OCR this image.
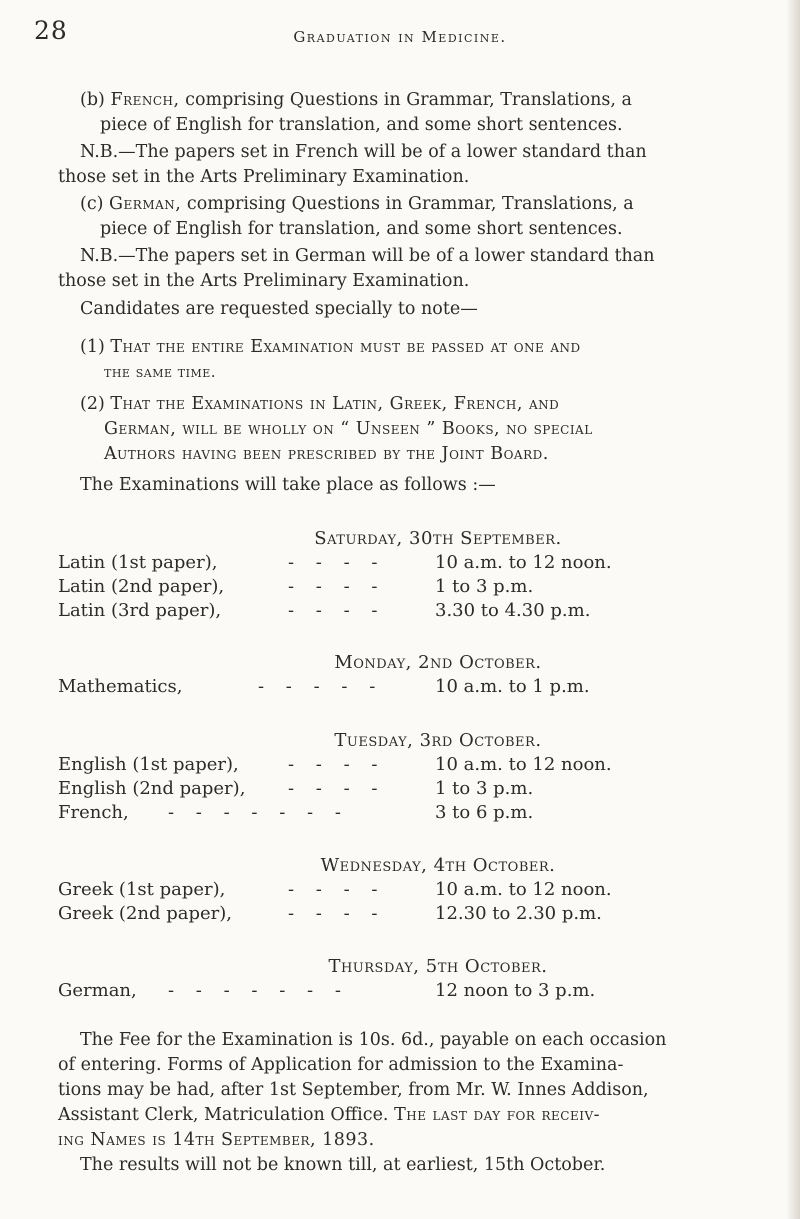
28	Graduation in Medicine.
(b) French, comprising Questions in Grammar, Translations, a
piece of English for translation, and some short sentences.
N.B.—The papers set in French will be of a lower standard than
those set in the Arts Preliminary Examination.
(c) German, comprising Questions in Grammar, Translations, a
piece of English for translation, and some short sentences.
N.B.—The papers set in German will be of a lower standard than
those set in the Arts Preliminary Examination.
Candidates are requested specially to note—
(1) That the entire Examination must be passed at one and
the same time.
(2) That the Examinations in Latin, Greek, French, and
German, will be wholly on “ Unseen ” Books, no special
Authors having been prescribed by the Joint Board.
The Examinations will take place as follows :—
Saturday, 30th September.
Latin (1st paper),	- - - -	10 a.m. to 12 noon.
Latin (2nd paper),	- - - -	1 to 3 p.m.
Latin (3rd paper),	- - - -	3.30 to 4.30 p.m.
Monday, 2nd October.
Mathematics,	- - - - -	10 a.m. to 1 p.m.
Tuesday, 3rd October.
English (1st paper),	- - - -	10 a.m. to 12 noon.
English (2nd paper), - - - -	1 to 3 p.m.
French, - - - - - - -	3 to 6 p.m.
Wednesday, 4th October.
Greek (1st paper),	- - - -	10 a.m. to 12 noon.
Greek (2nd paper),	- - - -	12.30 to 2.30 p.m.
Thursday, 5th October.
German, - - - - - - -	12 noon to 3 p.m.
The Fee for the Examination is 10s. 6d., payable on each occasion
of entering. Forms of Application for admission to the Examina-
tions may be had, after 1st September, from Mr. W. Innes Addison,
Assistant Clerk, Matriculation Office. The last day for receiv-
ing Names is 14th September, 1893.
The results will not be known till, at earliest, 15th October.
